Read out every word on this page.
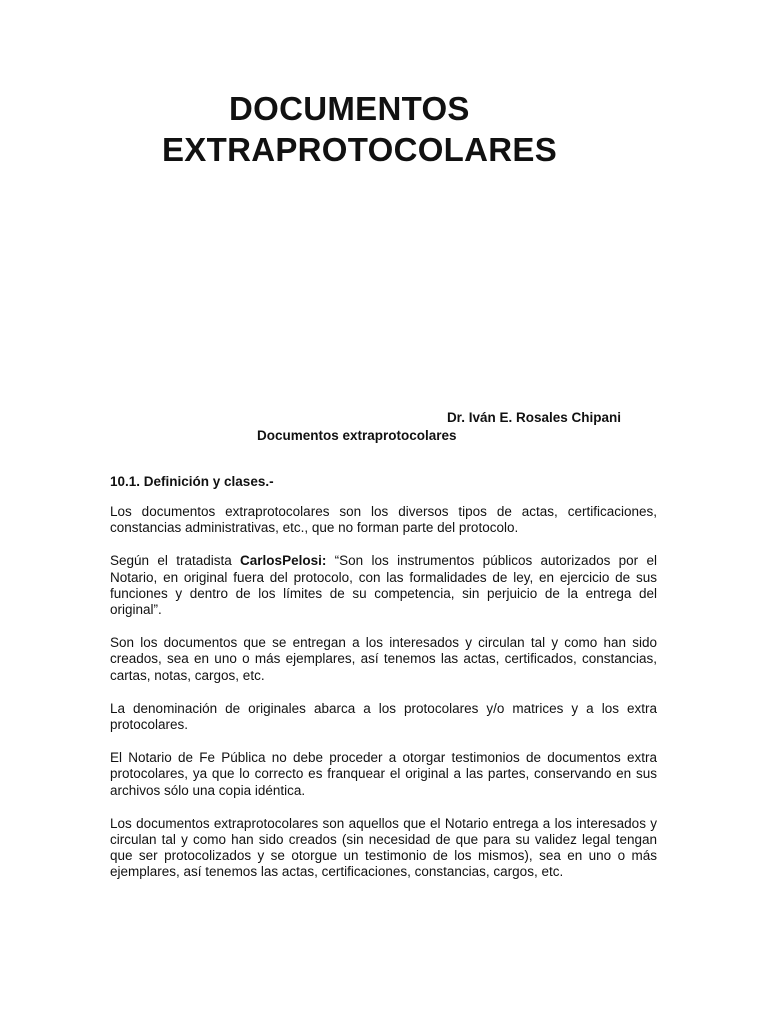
DOCUMENTOS
EXTRAPROTOCOLARES
Dr. Iván E. Rosales Chipani
Documentos extraprotocolares
10.1. Definición y clases.-

Los documentos extraprotocolares son los diversos tipos de actas, certificaciones, constancias administrativas, etc., que no forman parte del protocolo.

Según el tratadista CarlosPelosi: “Son los instrumentos públicos autorizados por el Notario, en original fuera del protocolo, con las formalidades de ley, en ejercicio de sus funciones y dentro de los límites de su competencia, sin perjuicio de la entrega del original”.

Son los documentos que se entregan a los interesados y circulan tal y como han sido creados, sea en uno o más ejemplares, así tenemos las actas, certificados, constancias, cartas, notas, cargos, etc.

La denominación de originales abarca a los protocolares y/o matrices y a los extra protocolares.

El Notario de Fe Pública no debe proceder a otorgar testimonios de documentos extra protocolares, ya que lo correcto es franquear el original a las partes, conservando en sus archivos sólo una copia idéntica.

Los documentos extraprotocolares son aquellos que el Notario entrega a los interesados y circulan tal y como han sido creados (sin necesidad de que para su validez legal tengan que ser protocolizados y se otorgue un testimonio de los mismos), sea en uno o más ejemplares, así tenemos las actas, certificaciones, constancias, cargos, etc.
